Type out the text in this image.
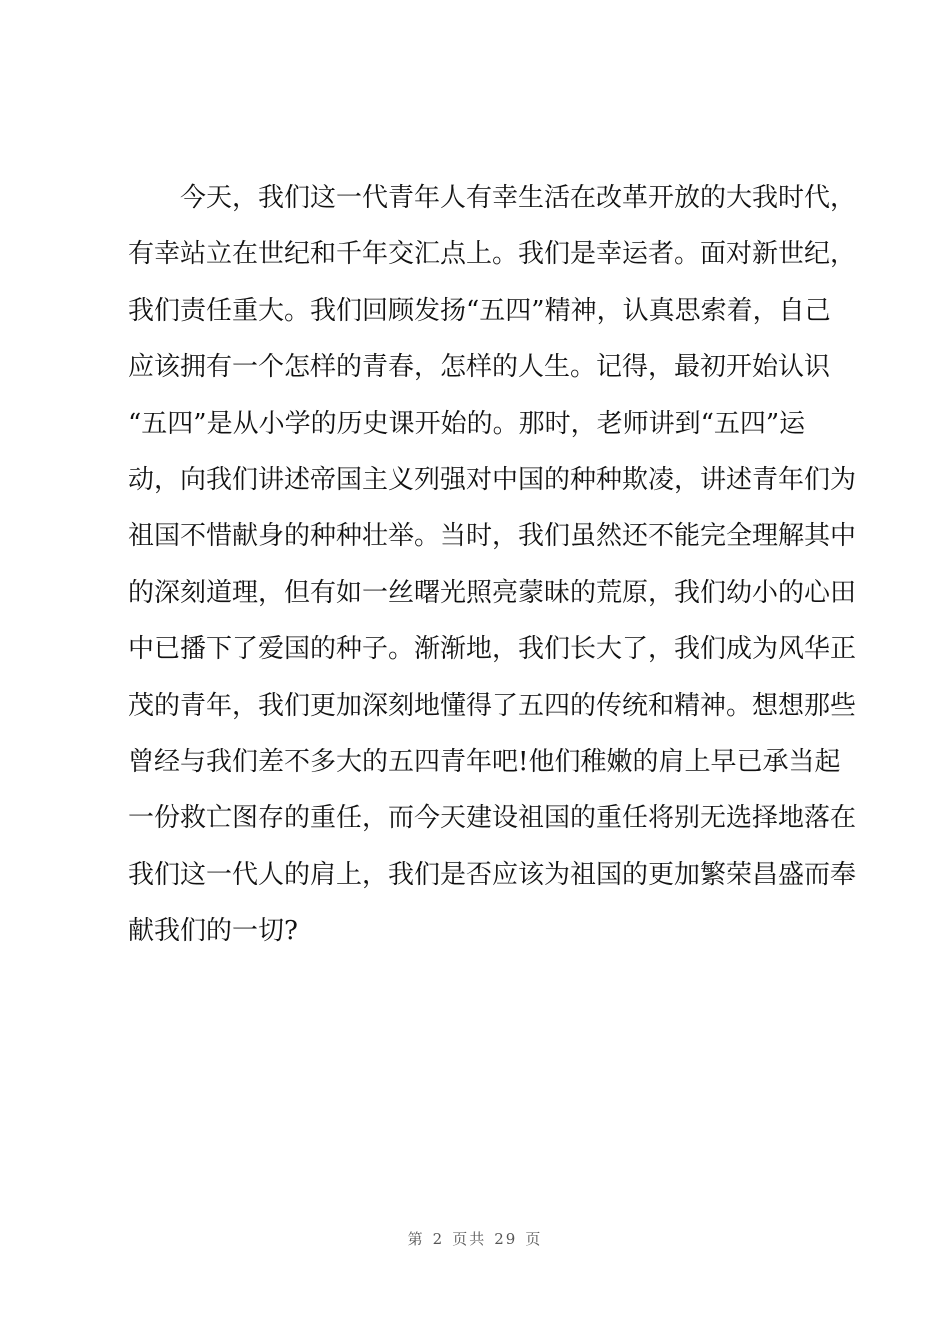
今天，我们这一代青年人有幸生活在改革开放的大我时代，
有幸站立在世纪和千年交汇点上。我们是幸运者。面对新世纪，
我们责任重大。我们回顾发扬“五四”精神，认真思索着，自己
应该拥有一个怎样的青春，怎样的人生。记得，最初开始认识
“五四”是从小学的历史课开始的。那时，老师讲到“五四”运
动，向我们讲述帝国主义列强对中国的种种欺凌，讲述青年们为
祖国不惜献身的种种壮举。当时，我们虽然还不能完全理解其中
的深刻道理，但有如一丝曙光照亮蒙昧的荒原，我们幼小的心田
中已播下了爱国的种子。渐渐地，我们长大了，我们成为风华正
茂的青年，我们更加深刻地懂得了五四的传统和精神。想想那些
曾经与我们差不多大的五四青年吧!他们稚嫩的肩上早已承当起
一份救亡图存的重任，而今天建设祖国的重任将别无选择地落在
我们这一代人的肩上，我们是否应该为祖国的更加繁荣昌盛而奉
献我们的一切?
第 2 页共 29 页
